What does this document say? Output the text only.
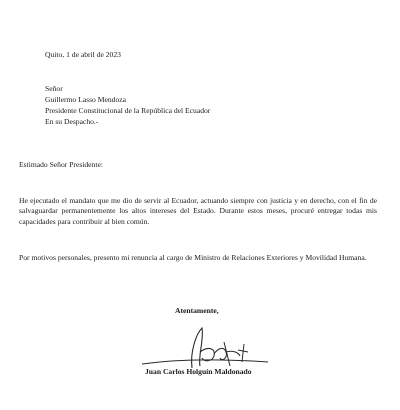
Quito, 1 de abril de 2023
Señor
Guillermo Lasso Mendoza
Presidente Constitucional de la República del Ecuador
En su Despacho.-
Estimado Señor Presidente:
He ejecutado el mandato que me dio de servir al Ecuador, actuando siempre con justicia y en derecho, con el fin de salvaguardar permanentemente los altos intereses del Estado. Durante estos meses, procuré entregar todas mis capacidades para contribuir al bien común.
Por motivos personales, presento mi renuncia al cargo de Ministro de Relaciones Exteriores y Movilidad Humana.
Atentamente,
Juan Carlos Holguín Maldonado
